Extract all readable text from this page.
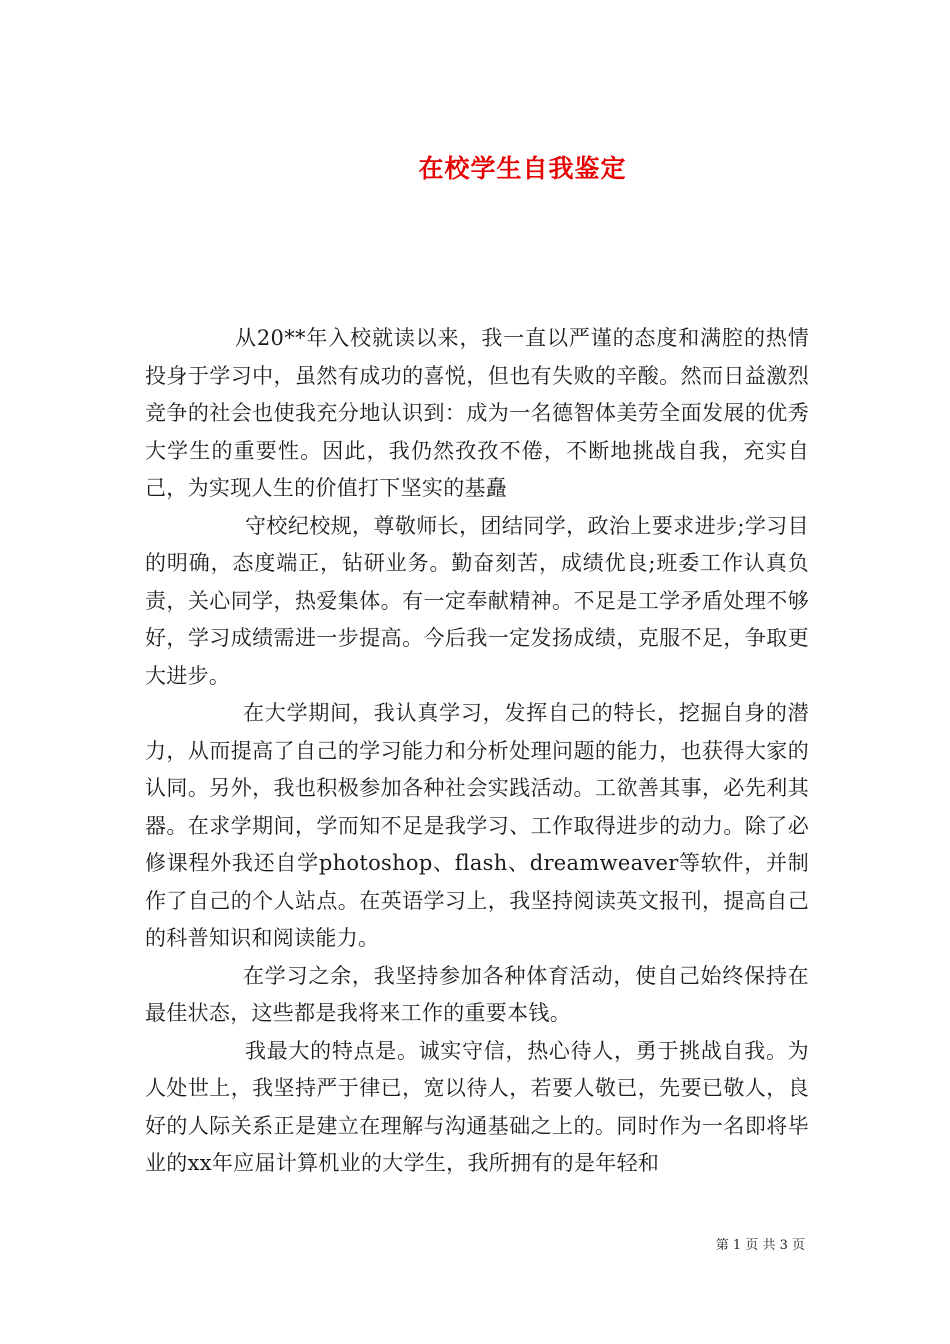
在校学生自我鉴定

从20**年入校就读以来，我一直以严谨的态度和满腔的热情投身于学习中，虽然有成功的喜悦，但也有失败的辛酸。然而日益激烈竞争的社会也使我充分地认识到：成为一名德智体美劳全面发展的优秀大学生的重要性。因此，我仍然孜孜不倦，不断地挑战自我，充实自己，为实现人生的价值打下坚实的基矗

守校纪校规，尊敬师长，团结同学，政治上要求进步;学习目的明确，态度端正，钻研业务。勤奋刻苦，成绩优良;班委工作认真负责，关心同学，热爱集体。有一定奉献精神。不足是工学矛盾处理不够好，学习成绩需进一步提高。今后我一定发扬成绩，克服不足，争取更大进步。

在大学期间，我认真学习，发挥自己的特长，挖掘自身的潜力，从而提高了自己的学习能力和分析处理问题的能力，也获得大家的认同。另外，我也积极参加各种社会实践活动。工欲善其事，必先利其器。在求学期间，学而知不足是我学习、工作取得进步的动力。除了必修课程外我还自学photoshop、flash、dreamweaver等软件，并制作了自己的个人站点。在英语学习上，我坚持阅读英文报刊，提高自己的科普知识和阅读能力。

在学习之余，我坚持参加各种体育活动，使自己始终保持在最佳状态，这些都是我将来工作的重要本钱。

我最大的特点是。诚实守信，热心待人，勇于挑战自我。为人处世上，我坚持严于律已，宽以待人，若要人敬已，先要已敬人，良好的人际关系正是建立在理解与沟通基础之上的。同时作为一名即将毕业的xx年应届计算机业的大学生，我所拥有的是年轻和

第 1 页 共 3 页
